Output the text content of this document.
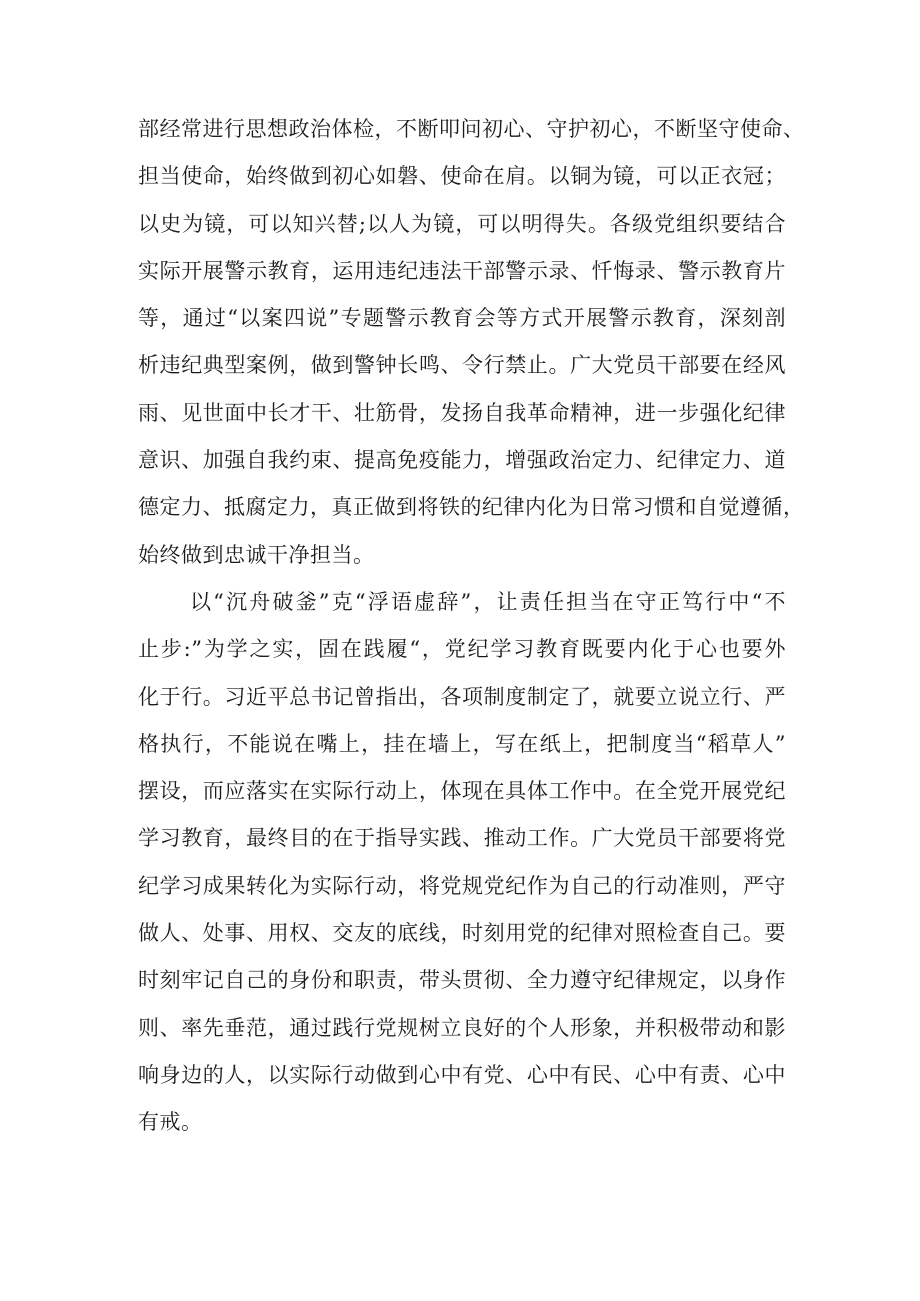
部经常进行思想政治体检，不断叩问初心、守护初心，不断坚守使命、
担当使命，始终做到初心如磐、使命在肩。以铜为镜，可以正衣冠；
以史为镜，可以知兴替;以人为镜，可以明得失。各级党组织要结合
实际开展警示教育，运用违纪违法干部警示录、忏悔录、警示教育片
等，通过“以案四说”专题警示教育会等方式开展警示教育，深刻剖
析违纪典型案例，做到警钟长鸣、令行禁止。广大党员干部要在经风
雨、见世面中长才干、壮筋骨，发扬自我革命精神，进一步强化纪律
意识、加强自我约束、提高免疫能力，增强政治定力、纪律定力、道
德定力、抵腐定力，真正做到将铁的纪律内化为日常习惯和自觉遵循，
始终做到忠诚干净担当。
以“沉舟破釜”克“浮语虚辞”，让责任担当在守正笃行中“不
止步:”为学之实，固在践履“，党纪学习教育既要内化于心也要外
化于行。习近平总书记曾指出，各项制度制定了，就要立说立行、严
格执行，不能说在嘴上，挂在墙上，写在纸上，把制度当“稻草人”
摆设，而应落实在实际行动上，体现在具体工作中。在全党开展党纪
学习教育，最终目的在于指导实践、推动工作。广大党员干部要将党
纪学习成果转化为实际行动，将党规党纪作为自己的行动准则，严守
做人、处事、用权、交友的底线，时刻用党的纪律对照检查自己。要
时刻牢记自己的身份和职责，带头贯彻、全力遵守纪律规定，以身作
则、率先垂范，通过践行党规树立良好的个人形象，并积极带动和影
响身边的人，以实际行动做到心中有党、心中有民、心中有责、心中
有戒。
